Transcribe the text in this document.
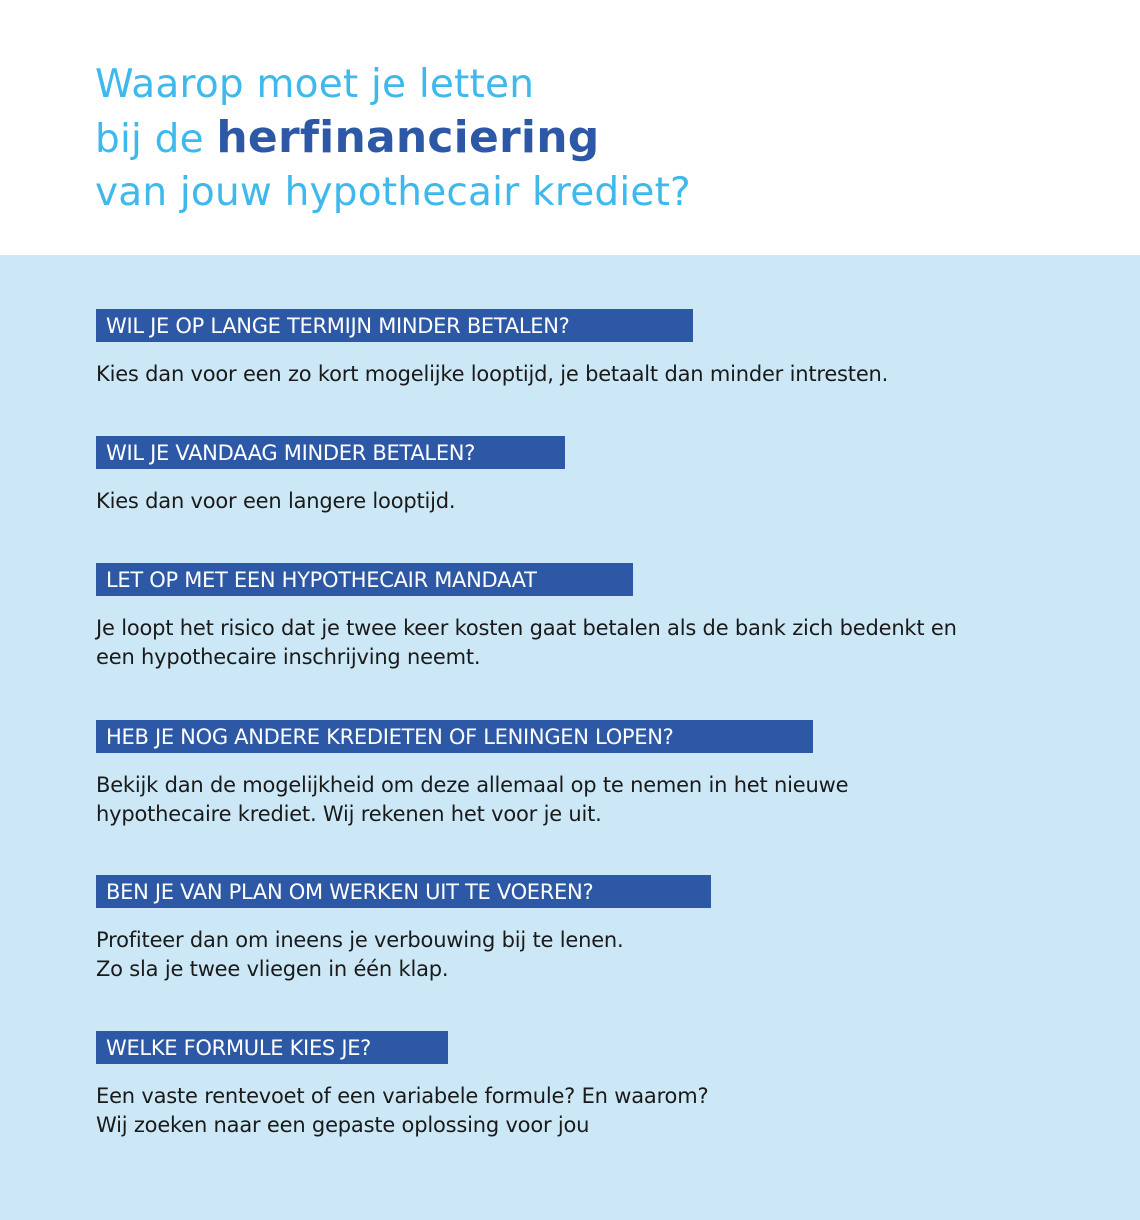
Waarop moet je letten
bij de herfinanciering
van jouw hypothecair krediet?
WIL JE OP LANGE TERMIJN MINDER BETALEN?
Kies dan voor een zo kort mogelijke looptijd, je betaalt dan minder intresten.
WIL JE VANDAAG MINDER BETALEN?
Kies dan voor een langere looptijd.
LET OP MET EEN HYPOTHECAIR MANDAAT
Je loopt het risico dat je twee keer kosten gaat betalen als de bank zich bedenkt en
een hypothecaire inschrijving neemt.
HEB JE NOG ANDERE KREDIETEN OF LENINGEN LOPEN?
Bekijk dan de mogelijkheid om deze allemaal op te nemen in het nieuwe
hypothecaire krediet. Wij rekenen het voor je uit.
BEN JE VAN PLAN OM WERKEN UIT TE VOEREN?
Profiteer dan om ineens je verbouwing bij te lenen.
Zo sla je twee vliegen in één klap.
WELKE FORMULE KIES JE?
Een vaste rentevoet of een variabele formule? En waarom?
Wij zoeken naar een gepaste oplossing voor jou
